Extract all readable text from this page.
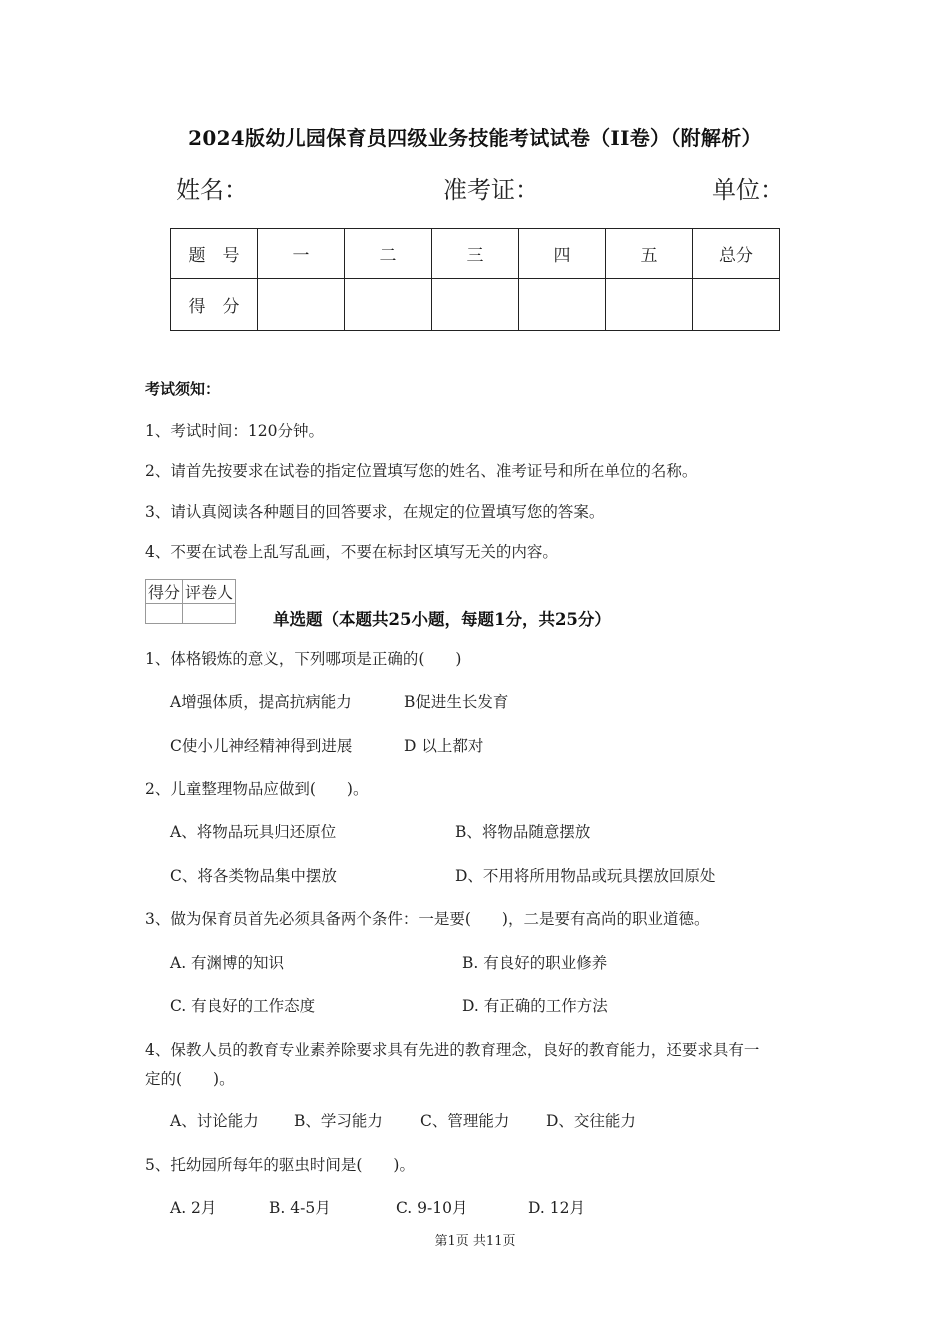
2024版幼儿园保育员四级业务技能考试试卷（II卷）（附解析）
姓名：	准考证：	单位：
题　号	一	二	三	四	五	总分
得　分						
考试须知：
1、考试时间：120分钟。
2、请首先按要求在试卷的指定位置填写您的姓名、准考证号和所在单位的名称。
3、请认真阅读各种题目的回答要求，在规定的位置填写您的答案。
4、不要在试卷上乱写乱画，不要在标封区填写无关的内容。
得分	评卷人

单选题（本题共25小题，每题1分，共25分）
1、体格锻炼的意义，下列哪项是正确的(　　)
A增强体质，提高抗病能力	B促进生长发育
C使小儿神经精神得到进展	D 以上都对
2、儿童整理物品应做到(　　)。
A、将物品玩具归还原位	B、将物品随意摆放
C、将各类物品集中摆放	D、不用将所用物品或玩具摆放回原处
3、做为保育员首先必须具备两个条件：一是要(　　)，二是要有高尚的职业道德。
A. 有渊博的知识	B. 有良好的职业修养
C. 有良好的工作态度	D. 有正确的工作方法
4、保教人员的教育专业素养除要求具有先进的教育理念，良好的教育能力，还要求具有一
定的(　　)。
A、讨论能力 B、学习能力 C、管理能力 D、交往能力
5、托幼园所每年的驱虫时间是(　　)。
A. 2月	B. 4-5月	C. 9-10月	D. 12月
第1页 共11页
